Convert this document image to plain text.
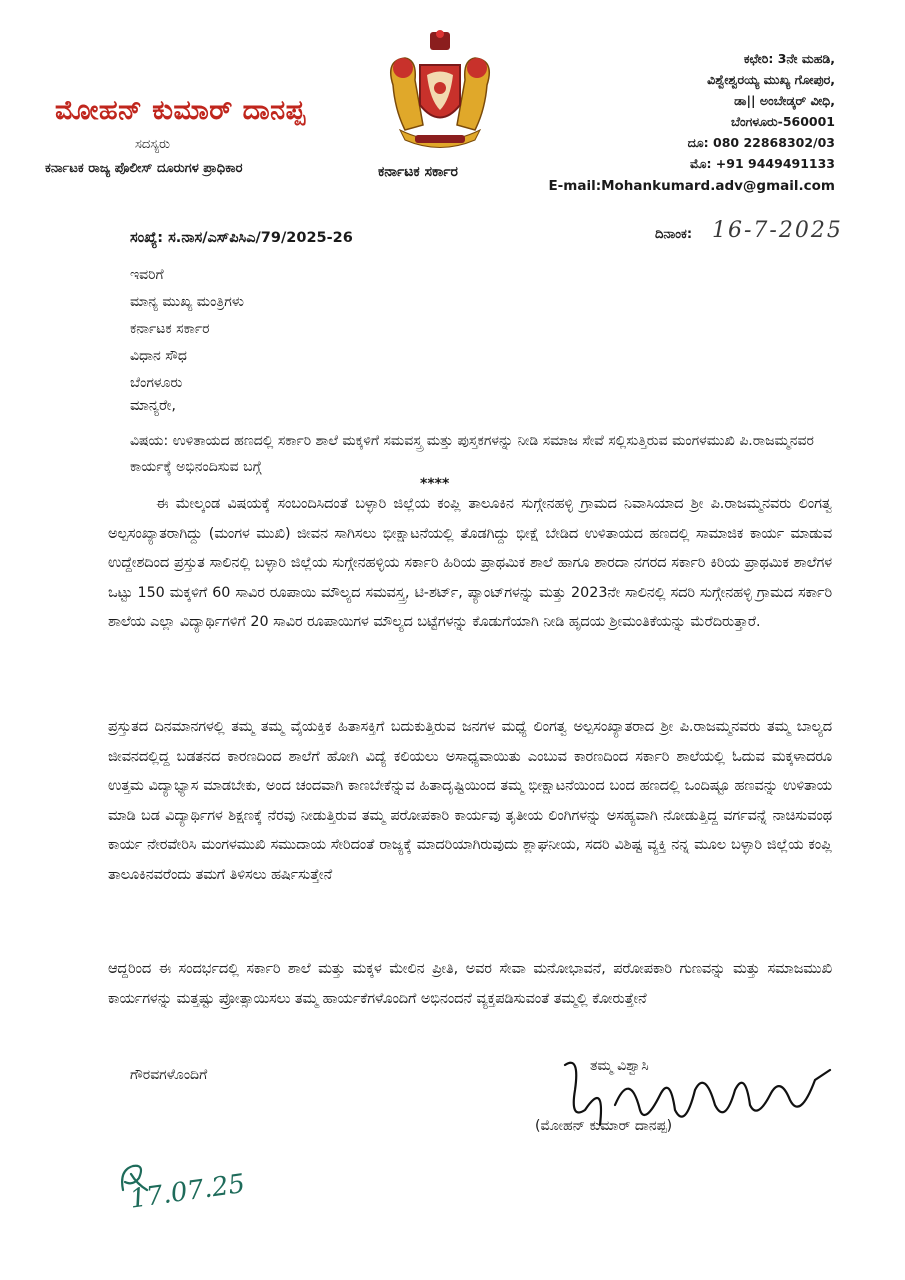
ಮೋಹನ್ ಕುಮಾರ್ ದಾನಪ್ಪ
ಸದಸ್ಯರು
ಕರ್ನಾಟಕ ರಾಜ್ಯ ಪೊಲೀಸ್ ದೂರುಗಳ ಪ್ರಾಧಿಕಾರ	ಕರ್ನಾಟಕ ಸರ್ಕಾರ
ಕಛೇರಿ: 3ನೇ ಮಹಡಿ,
ವಿಶ್ವೇಶ್ವರಯ್ಯ ಮುಖ್ಯ ಗೋಪುರ,
ಡಾ|| ಅಂಬೇಡ್ಕರ್ ವೀಧಿ,
ಬೆಂಗಳೂರು-560001
ದೂ: 080 22868302/03
ಮೊ: +91 9449491133
E-mail:Mohankumard.adv@gmail.com
ಸಂಖ್ಯೆ: ಸ.ನಾಸ/ಎಸ್‌ಪಿಸಿಎ/79/2025-26	ದಿನಾಂಕ: 16-7-2025
ಇವರಿಗೆ
ಮಾನ್ಯ ಮುಖ್ಯ ಮಂತ್ರಿಗಳು
ಕರ್ನಾಟಕ ಸರ್ಕಾರ
ವಿಧಾನ ಸೌಧ
ಬೆಂಗಳೂರು
ಮಾನ್ಯರೇ,
ವಿಷಯ: ಉಳಿತಾಯದ ಹಣದಲ್ಲಿ ಸರ್ಕಾರಿ ಶಾಲೆ ಮಕ್ಕಳಿಗೆ ಸಮವಸ್ತ್ರ ಮತ್ತು ಪುಸ್ತಕಗಳನ್ನು ನೀಡಿ ಸಮಾಜ ಸೇವೆ ಸಲ್ಲಿಸುತ್ತಿರುವ ಮಂಗಳಮುಖಿ ಪಿ.ರಾಜಮ್ಮನವರ ಕಾರ್ಯಕ್ಕೆ ಅಭಿನಂದಿಸುವ ಬಗ್ಗೆ
****
ಈ ಮೇಲ್ಕಂಡ ವಿಷಯಕ್ಕೆ ಸಂಬಂದಿಸಿದಂತೆ ಬಳ್ಳಾರಿ ಜಿಲ್ಲೆಯ ಕಂಪ್ಲಿ ತಾಲೂಕಿನ ಸುಗ್ಗೇನಹಳ್ಳಿ ಗ್ರಾಮದ ನಿವಾಸಿಯಾದ ಶ್ರೀ ಪಿ.ರಾಜಮ್ಮನವರು ಲಿಂಗತ್ವ ಅಲ್ಪಸಂಖ್ಯಾತರಾಗಿದ್ದು (ಮಂಗಳ ಮುಖಿ) ಜೀವನ ಸಾಗಿಸಲು ಭೀಕ್ಷಾಟನೆಯಲ್ಲಿ ತೊಡಗಿದ್ದು ಭೀಕ್ಷೆ ಬೇಡಿದ ಉಳಿತಾಯದ ಹಣದಲ್ಲಿ ಸಾಮಾಜಿಕ ಕಾರ್ಯ ಮಾಡುವ ಉದ್ದೇಶದಿಂದ ಪ್ರಸ್ತುತ ಸಾಲಿನಲ್ಲಿ ಬಳ್ಳಾರಿ ಜಿಲ್ಲೆಯ ಸುಗ್ಗೇನಹಳ್ಳಿಯ ಸರ್ಕಾರಿ ಹಿರಿಯ ಪ್ರಾಥಮಿಕ ಶಾಲೆ ಹಾಗೂ ಶಾರದಾ ನಗರದ ಸರ್ಕಾರಿ ಕಿರಿಯ ಪ್ರಾಥಮಿಕ ಶಾಲೆಗಳ ಒಟ್ಟು 150 ಮಕ್ಕಳಿಗೆ 60 ಸಾವಿರ ರೂಪಾಯಿ ಮೌಲ್ಯದ ಸಮವಸ್ತ್ರ, ಟಿ-ಶರ್ಟ್, ಪ್ಯಾಂಟ್‌ಗಳನ್ನು ಮತ್ತು 2023ನೇ ಸಾಲಿನಲ್ಲಿ ಸದರಿ ಸುಗ್ಗೇನಹಳ್ಳಿ ಗ್ರಾಮದ ಸರ್ಕಾರಿ ಶಾಲೆಯ ಎಲ್ಲಾ ವಿದ್ಯಾರ್ಥಿಗಳಿಗೆ 20 ಸಾವಿರ ರೂಪಾಯಿಗಳ ಮೌಲ್ಯದ ಬಟ್ಟೆಗಳನ್ನು ಕೊಡುಗೆಯಾಗಿ ನೀಡಿ ಹೃದಯ ಶ್ರೀಮಂತಿಕೆಯನ್ನು ಮೆರೆದಿರುತ್ತಾರೆ.
ಪ್ರಸ್ತುತದ ದಿನಮಾನಗಳಲ್ಲಿ ತಮ್ಮ ತಮ್ಮ ವೈಯಕ್ತಿಕ ಹಿತಾಸಕ್ತಿಗೆ ಬದುಕುತ್ತಿರುವ ಜನಗಳ ಮಧ್ಯೆ ಲಿಂಗತ್ವ ಅಲ್ಪಸಂಖ್ಯಾತರಾದ ಶ್ರೀ ಪಿ.ರಾಜಮ್ಮನವರು ತಮ್ಮ ಬಾಲ್ಯದ ಜೀವನದಲ್ಲಿದ್ದ ಬಡತನದ ಕಾರಣದಿಂದ ಶಾಲೆಗೆ ಹೋಗಿ ವಿದ್ಯೆ ಕಲಿಯಲು ಅಸಾಧ್ಯವಾಯಿತು ಎಂಬುವ ಕಾರಣದಿಂದ ಸರ್ಕಾರಿ ಶಾಲೆಯಲ್ಲಿ ಓದುವ ಮಕ್ಕಳಾದರೂ ಉತ್ತಮ ವಿದ್ಯಾಭ್ಯಾಸ ಮಾಡಬೇಕು, ಅಂದ ಚಂದವಾಗಿ ಕಾಣಬೇಕೆನ್ನುವ ಹಿತಾದೃಷ್ಟಿಯಿಂದ ತಮ್ಮ ಭೀಕ್ಷಾಟನೆಯಿಂದ ಬಂದ ಹಣದಲ್ಲಿ ಒಂದಿಷ್ಟೂ ಹಣವನ್ನು ಉಳಿತಾಯ ಮಾಡಿ ಬಡ ವಿದ್ಯಾರ್ಥಿಗಳ ಶಿಕ್ಷಣಕ್ಕೆ ನೆರವು ನೀಡುತ್ತಿರುವ ತಮ್ಮ ಪರೋಪಕಾರಿ ಕಾರ್ಯವು ತೃತೀಯ ಲಿಂಗಿಗಳನ್ನು ಅಸಹ್ಯವಾಗಿ ನೋಡುತ್ತಿದ್ದ ವರ್ಗವನ್ನೆ ನಾಚಿಸುವಂಥ ಕಾರ್ಯ ನೇರವೇರಿಸಿ ಮಂಗಳಮುಖಿ ಸಮುದಾಯ ಸೇರಿದಂತೆ ರಾಜ್ಯಕ್ಕೆ ಮಾದರಿಯಾಗಿರುವುದು ಶ್ಲಾಘನೀಯ, ಸದರಿ ವಿಶಿಷ್ಟ ವ್ಯಕ್ತಿ ನನ್ನ ಮೂಲ ಬಳ್ಳಾರಿ ಜಿಲ್ಲೆಯ ಕಂಪ್ಲಿ ತಾಲೂಕಿನವರೆಂದು ತಮಗೆ ತಿಳಿಸಲು ಹರ್ಷಿಸುತ್ತೇನೆ
ಆದ್ದರಿಂದ ಈ ಸಂದರ್ಭದಲ್ಲಿ ಸರ್ಕಾರಿ ಶಾಲೆ ಮತ್ತು ಮಕ್ಕಳ ಮೇಲಿನ ಪ್ರೀತಿ, ಅವರ ಸೇವಾ ಮನೋಭಾವನೆ, ಪರೋಪಕಾರಿ ಗುಣವನ್ನು ಮತ್ತು ಸಮಾಜಮುಖಿ ಕಾರ್ಯಗಳನ್ನು ಮತ್ತಷ್ಟು ಪ್ರೋತ್ಸಾಯಿಸಲು ತಮ್ಮ ಹಾರ್ಯಕೆಗಳೊಂದಿಗೆ ಅಭಿನಂದನೆ ವ್ಯಕ್ತಪಡಿಸುವಂತೆ ತಮ್ಮಲ್ಲಿ ಕೋರುತ್ತೇನೆ
ಗೌರವಗಳೊಂದಿಗೆ
ತಮ್ಮ ವಿಶ್ವಾಸಿ
(ಮೋಹನ್ ಕುಮಾರ್ ದಾನಪ್ಪ)
17.07.25
